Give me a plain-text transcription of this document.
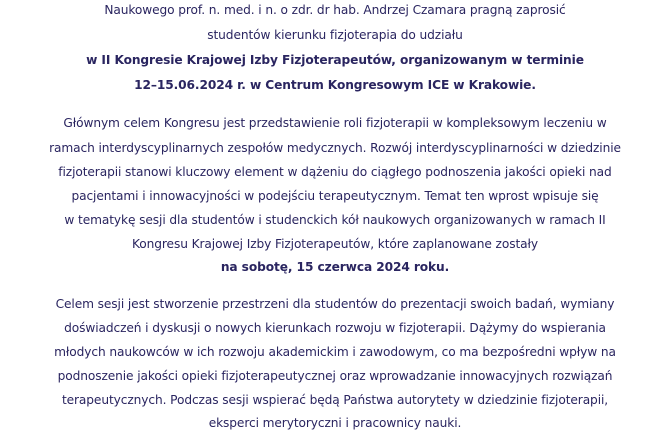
Naukowego prof. n. med. i n. o zdr. dr hab. Andrzej Czamara pragną zaprosić
studentów kierunku fizjoterapia do udziału
w II Kongresie Krajowej Izby Fizjoterapeutów, organizowanym w terminie
12–15.06.2024 r. w Centrum Kongresowym ICE w Krakowie.
Głównym celem Kongresu jest przedstawienie roli fizjoterapii w kompleksowym leczeniu w
ramach interdyscyplinarnych zespołów medycznych. Rozwój interdyscyplinarności w dziedzinie
fizjoterapii stanowi kluczowy element w dążeniu do ciągłego podnoszenia jakości opieki nad
pacjentami i innowacyjności w podejściu terapeutycznym. Temat ten wprost wpisuje się
w tematykę sesji dla studentów i studenckich kół naukowych organizowanych w ramach II
Kongresu Krajowej Izby Fizjoterapeutów, które zaplanowane zostały
na sobotę, 15 czerwca 2024 roku.
Celem sesji jest stworzenie przestrzeni dla studentów do prezentacji swoich badań, wymiany
doświadczeń i dyskusji o nowych kierunkach rozwoju w fizjoterapii. Dążymy do wspierania
młodych naukowców w ich rozwoju akademickim i zawodowym, co ma bezpośredni wpływ na
podnoszenie jakości opieki fizjoterapeutycznej oraz wprowadzanie innowacyjnych rozwiązań
terapeutycznych. Podczas sesji wspierać będą Państwa autorytety w dziedzinie fizjoterapii,
eksperci merytoryczni i pracownicy nauki.
